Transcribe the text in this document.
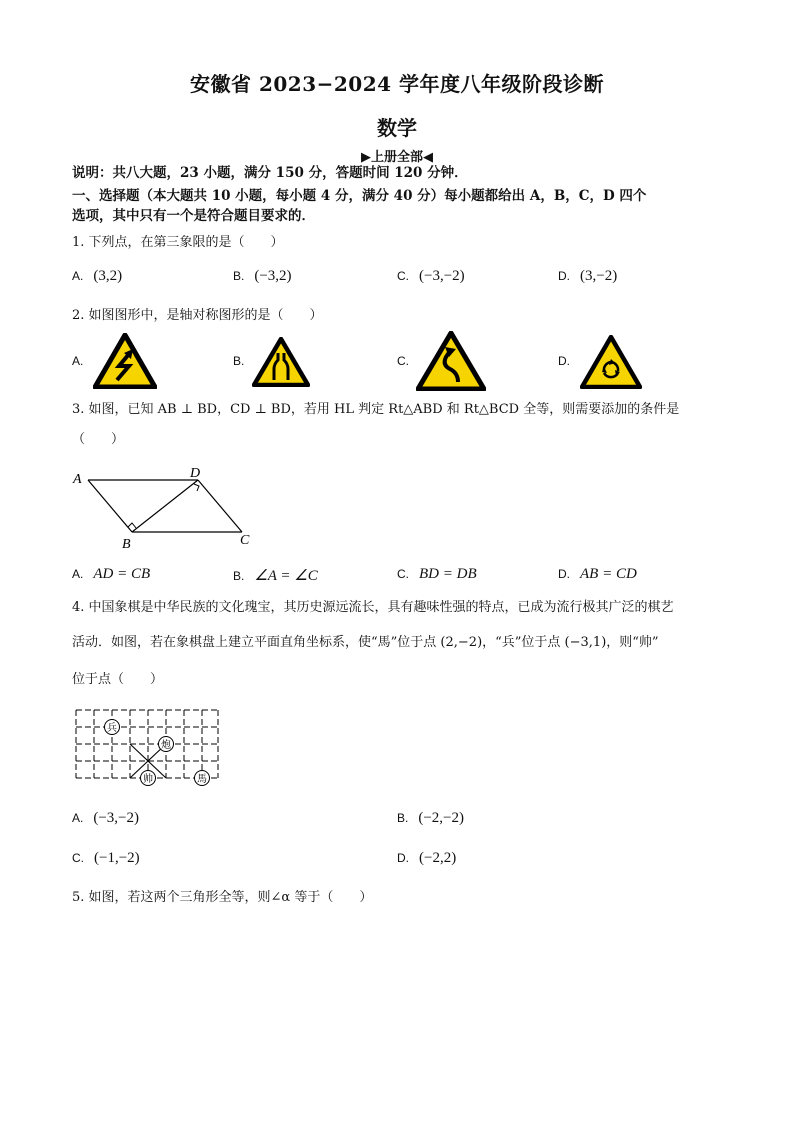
安徽省 2023−2024 学年度八年级阶段诊断
数学
▶上册全部◀
说明：共八大题，23 小题，满分 150 分，答题时间 120 分钟．
一、选择题（本大题共 10 小题，每小题 4 分，满分 40 分）每小题都给出 A，B，C，D 四个
选项，其中只有一个是符合题目要求的．
1. 下列点，在第三象限的是（　　）
A. (3,2)	B. (−3,2)	C. (−3,−2)	D. (3,−2)
2. 如图图形中，是轴对称图形的是（　　）
A.	B.	C.	D.
3. 如图，已知 AB ⊥ BD，CD ⊥ BD，若用 HL 判定 Rt△ABD 和 Rt△BCD 全等，则需要添加的条件是
（　　）
A	D
B	C
A. AD = CB	B. ∠A = ∠C	C. BD = DB	D. AB = CD
4. 中国象棋是中华民族的文化瑰宝，其历史源远流长，具有趣味性强的特点，已成为流行极其广泛的棋艺
活动．如图，若在象棋盘上建立平面直角坐标系，使“馬”位于点 (2,−2)，“兵”位于点 (−3,1)，则“帅”
位于点（　　）
兵
炮
帅	馬
A. (−3,−2)	B. (−2,−2)
C. (−1,−2)	D. (−2,2)
5. 如图，若这两个三角形全等，则∠α 等于（　　）
